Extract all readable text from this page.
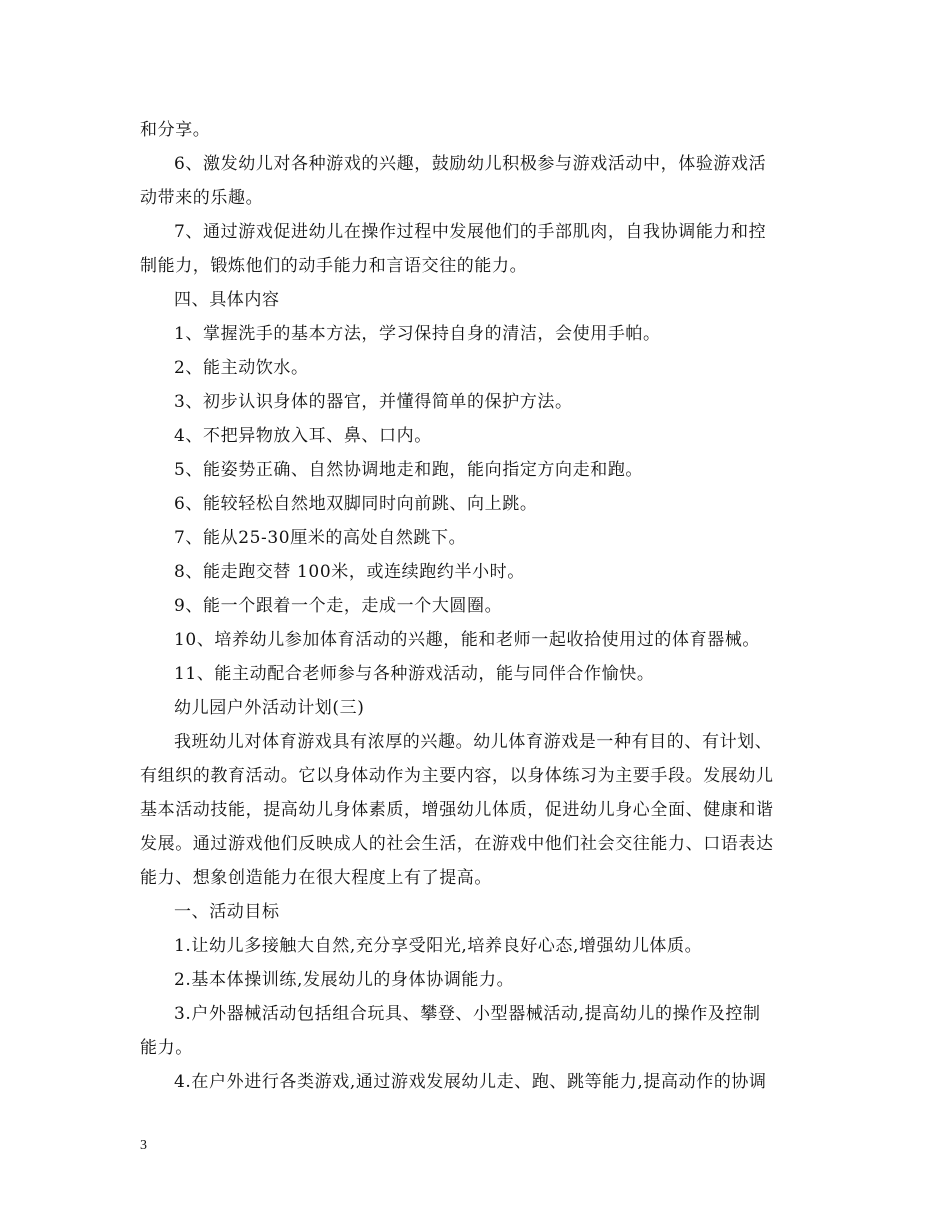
和分享。
6、激发幼儿对各种游戏的兴趣，鼓励幼儿积极参与游戏活动中，体验游戏活
动带来的乐趣。
7、通过游戏促进幼儿在操作过程中发展他们的手部肌肉，自我协调能力和控
制能力，锻炼他们的动手能力和言语交往的能力。
四、具体内容
1、掌握洗手的基本方法，学习保持自身的清洁，会使用手帕。
2、能主动饮水。
3、初步认识身体的器官，并懂得简单的保护方法。
4、不把异物放入耳、鼻、口内。
5、能姿势正确、自然协调地走和跑，能向指定方向走和跑。
6、能较轻松自然地双脚同时向前跳、向上跳。
7、能从25-30厘米的高处自然跳下。
8、能走跑交替 100米，或连续跑约半小时。
9、能一个跟着一个走，走成一个大圆圈。
10、培养幼儿参加体育活动的兴趣，能和老师一起收拾使用过的体育器械。
11、能主动配合老师参与各种游戏活动，能与同伴合作愉快。
幼儿园户外活动计划(三)
我班幼儿对体育游戏具有浓厚的兴趣。幼儿体育游戏是一种有目的、有计划、
有组织的教育活动。它以身体动作为主要内容，以身体练习为主要手段。发展幼儿
基本活动技能，提高幼儿身体素质，增强幼儿体质，促进幼儿身心全面、健康和谐
发展。通过游戏他们反映成人的社会生活，在游戏中他们社会交往能力、口语表达
能力、想象创造能力在很大程度上有了提高。
一、活动目标
1.让幼儿多接触大自然,充分享受阳光,培养良好心态,增强幼儿体质。
2.基本体操训练,发展幼儿的身体协调能力。
3.户外器械活动包括组合玩具、攀登、小型器械活动,提高幼儿的操作及控制
能力。
4.在户外进行各类游戏,通过游戏发展幼儿走、跑、跳等能力,提高动作的协调
3
